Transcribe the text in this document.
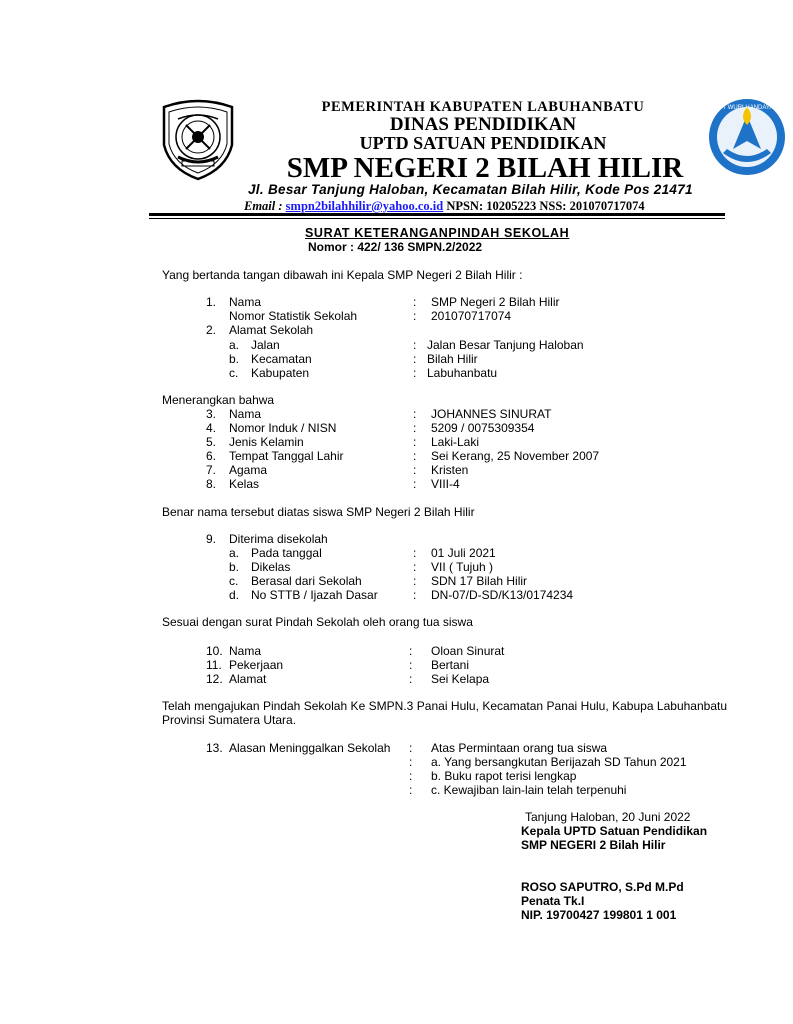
TUT WURI HANDAYANI
PEMERINTAH KABUPATEN LABUHANBATU
DINAS PENDIDIKAN
UPTD SATUAN PENDIDIKAN
SMP NEGERI 2 BILAH HILIR
Jl. Besar Tanjung Haloban, Kecamatan Bilah Hilir, Kode Pos 21471
Email : smpn2bilahhilir@yahoo.co.id NPSN: 10205223 NSS: 201070717074
SURAT KETERANGANPINDAH SEKOLAH
Nomor : 422/ 136 SMPN.2/2022
Yang bertanda tangan dibawah ini Kepala SMP Negeri 2 Bilah Hilir :
1. Nama	: SMP Negeri 2 Bilah Hilir
Nomor Statistik Sekolah	: 201070717074
2. Alamat Sekolah
a. Jalan	: Jalan Besar Tanjung Haloban
b. Kecamatan	: Bilah Hilir
c. Kabupaten	: Labuhanbatu
Menerangkan bahwa
3. Nama	: JOHANNES SINURAT
4. Nomor Induk / NISN	: 5209 / 0075309354
5. Jenis Kelamin	: Laki-Laki
6. Tempat Tanggal Lahir	: Sei Kerang, 25 November 2007
7. Agama	: Kristen
8. Kelas	: VIII-4
Benar nama tersebut diatas siswa SMP Negeri 2 Bilah Hilir
9. Diterima disekolah
a. Pada tanggal	: 01 Juli 2021
b. Dikelas	: VII ( Tujuh )
c. Berasal dari Sekolah	: SDN 17 Bilah Hilir
d. No STTB / Ijazah Dasar	: DN-07/D-SD/K13/0174234
Sesuai dengan surat Pindah Sekolah oleh orang tua siswa
10. Nama	: Oloan Sinurat
11. Pekerjaan	: Bertani
12. Alamat	: Sei Kelapa
Telah mengajukan Pindah Sekolah Ke SMPN.3 Panai Hulu, Kecamatan Panai Hulu, Kabupa Labuhanbatu Provinsi Sumatera Utara.
13. Alasan Meninggalkan Sekolah : Atas Permintaan orang tua siswa
: a. Yang bersangkutan Berijazah SD Tahun 2021
: b. Buku rapot terisi lengkap
: c. Kewajiban lain-lain telah terpenuhi
Tanjung Haloban, 20 Juni 2022
Kepala UPTD Satuan Pendidikan
SMP NEGERI 2 Bilah Hilir
ROSO SAPUTRO, S.Pd M.Pd
Penata Tk.I
NIP. 19700427 199801 1 001
